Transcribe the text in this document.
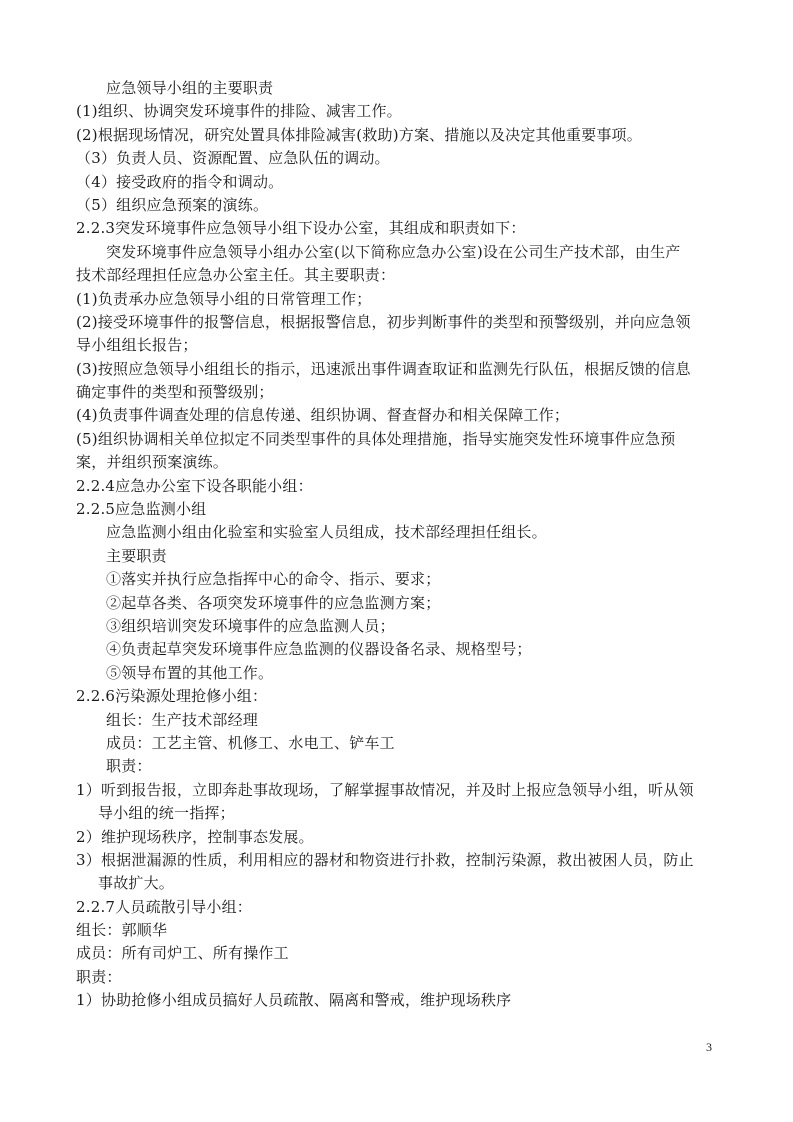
应急领导小组的主要职责
(1)组织、协调突发环境事件的排险、减害工作。
(2)根据现场情况，研究处置具体排险减害(救助)方案、措施以及决定其他重要事项。
（3）负责人员、资源配置、应急队伍的调动。
（4）接受政府的指令和调动。
（5）组织应急预案的演练。
2.2.3突发环境事件应急领导小组下设办公室，其组成和职责如下：
突发环境事件应急领导小组办公室(以下简称应急办公室)设在公司生产技术部，由生产
技术部经理担任应急办公室主任。其主要职责：
(1)负责承办应急领导小组的日常管理工作；
(2)接受环境事件的报警信息，根据报警信息，初步判断事件的类型和预警级别，并向应急领
导小组组长报告；
(3)按照应急领导小组组长的指示，迅速派出事件调查取证和监测先行队伍，根据反馈的信息
确定事件的类型和预警级别；
(4)负责事件调查处理的信息传递、组织协调、督查督办和相关保障工作；
(5)组织协调相关单位拟定不同类型事件的具体处理措施，指导实施突发性环境事件应急预
案，并组织预案演练。
2.2.4应急办公室下设各职能小组：
2.2.5应急监测小组
应急监测小组由化验室和实验室人员组成，技术部经理担任组长。
主要职责
①落实并执行应急指挥中心的命令、指示、要求；
②起草各类、各项突发环境事件的应急监测方案；
③组织培训突发环境事件的应急监测人员；
④负责起草突发环境事件应急监测的仪器设备名录、规格型号；
⑤领导布置的其他工作。
2.2.6污染源处理抢修小组：
组长：生产技术部经理
成员：工艺主管、机修工、水电工、铲车工
职责：
1）听到报告报，立即奔赴事故现场，了解掌握事故情况，并及时上报应急领导小组，听从领
导小组的统一指挥；
2）维护现场秩序，控制事态发展。
3）根据泄漏源的性质，利用相应的器材和物资进行扑救，控制污染源，救出被困人员，防止
事故扩大。
2.2.7人员疏散引导小组：
组长：郭顺华
成员：所有司炉工、所有操作工
职责：
1）协助抢修小组成员搞好人员疏散、隔离和警戒，维护现场秩序
3
